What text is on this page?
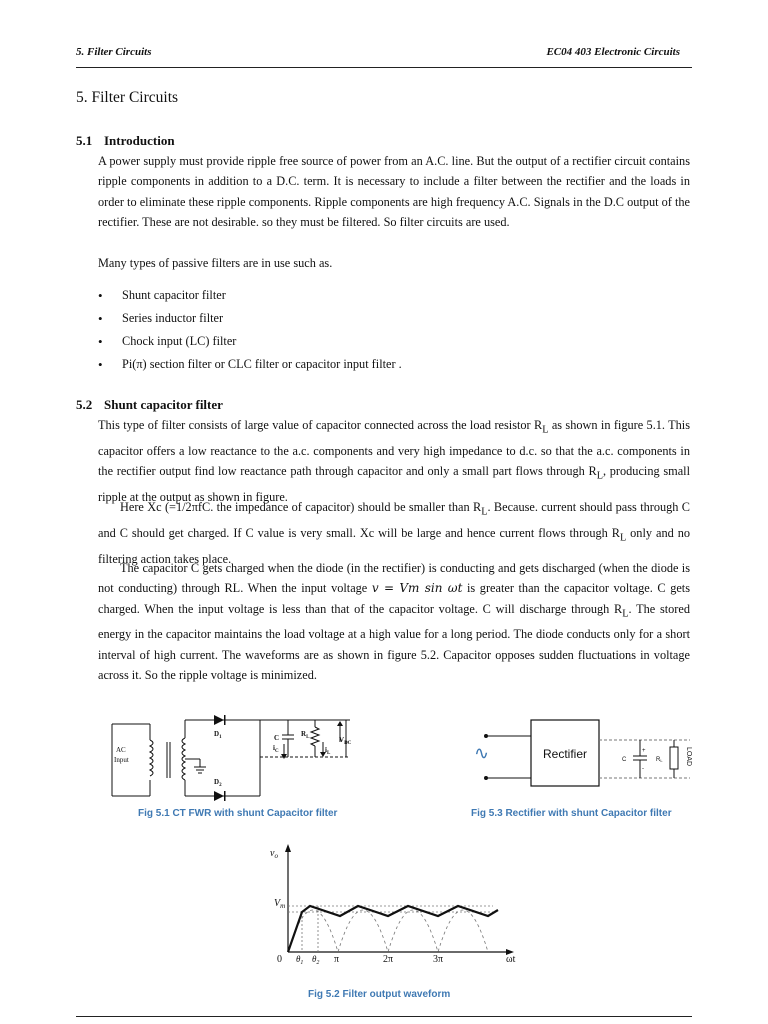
5. Filter Circuits	EC04 403 Electronic Circuits
5. Filter Circuits
5.1 Introduction

A power supply must provide ripple free source of power from an A.C. line. But the output of a rectifier circuit contains ripple components in addition to a D.C. term. It is necessary to include a filter between the rectifier and the loads in order to eliminate these ripple components. Ripple components are high frequency A.C. Signals in the D.C output of the rectifier. These are not desirable. so they must be filtered. So filter circuits are used.

Many types of passive filters are in use such as.
• Shunt capacitor filter
• Series inductor filter
• Chock input (LC) filter
• Pi(π) section filter or CLC filter or capacitor input filter .
5.2 Shunt capacitor filter

This type of filter consists of large value of capacitor connected across the load resistor $R_L$ as shown in figure 5.1. This capacitor offers a low reactance to the a.c. components and very high impedance to d.c. so that the a.c. components in the rectifier output find low reactance path through capacitor and only a small part flows through $R_L$, producing small ripple at the output as shown in figure.

Here Xc (=1/2πfC. the impedance of capacitor) should be smaller than $R_L$. Because. current should pass through C and C should get charged. If C value is very small. Xc will be large and hence current flows through $R_L$ only and no filtering action takes place.

The capacitor C gets charged when the diode (in the rectifier) is conducting and gets discharged (when the diode is not conducting) through RL. When the input voltage v = Vm sin ωt is greater than the capacitor voltage. C gets charged. When the input voltage is less than that of the capacitor voltage. C will discharge through $R_L$. The stored energy in the capacitor maintains the load voltage at a high value for a long period. The diode conducts only for a short interval of high current. The waveforms are as shown in figure 5.2. Capacitor opposes sudden fluctuations in voltage across it. So the ripple voltage is minimized.

AC
Input
$D_1$
$D_2$
C
$i_C$
$R_L$
$i_L$
$V_{DC}$
Fig 5.1 CT FWR with shunt Capacitor filter
∿	Rectifier	C
+
-
RL	LOAD
Fig 5.3 Rectifier with shunt Capacitor filter
$v_o$
$V_m$
0 $\theta_1$ $\theta_2$ π	2π	3π	ωt
Fig 5.2 Filter output waveform
